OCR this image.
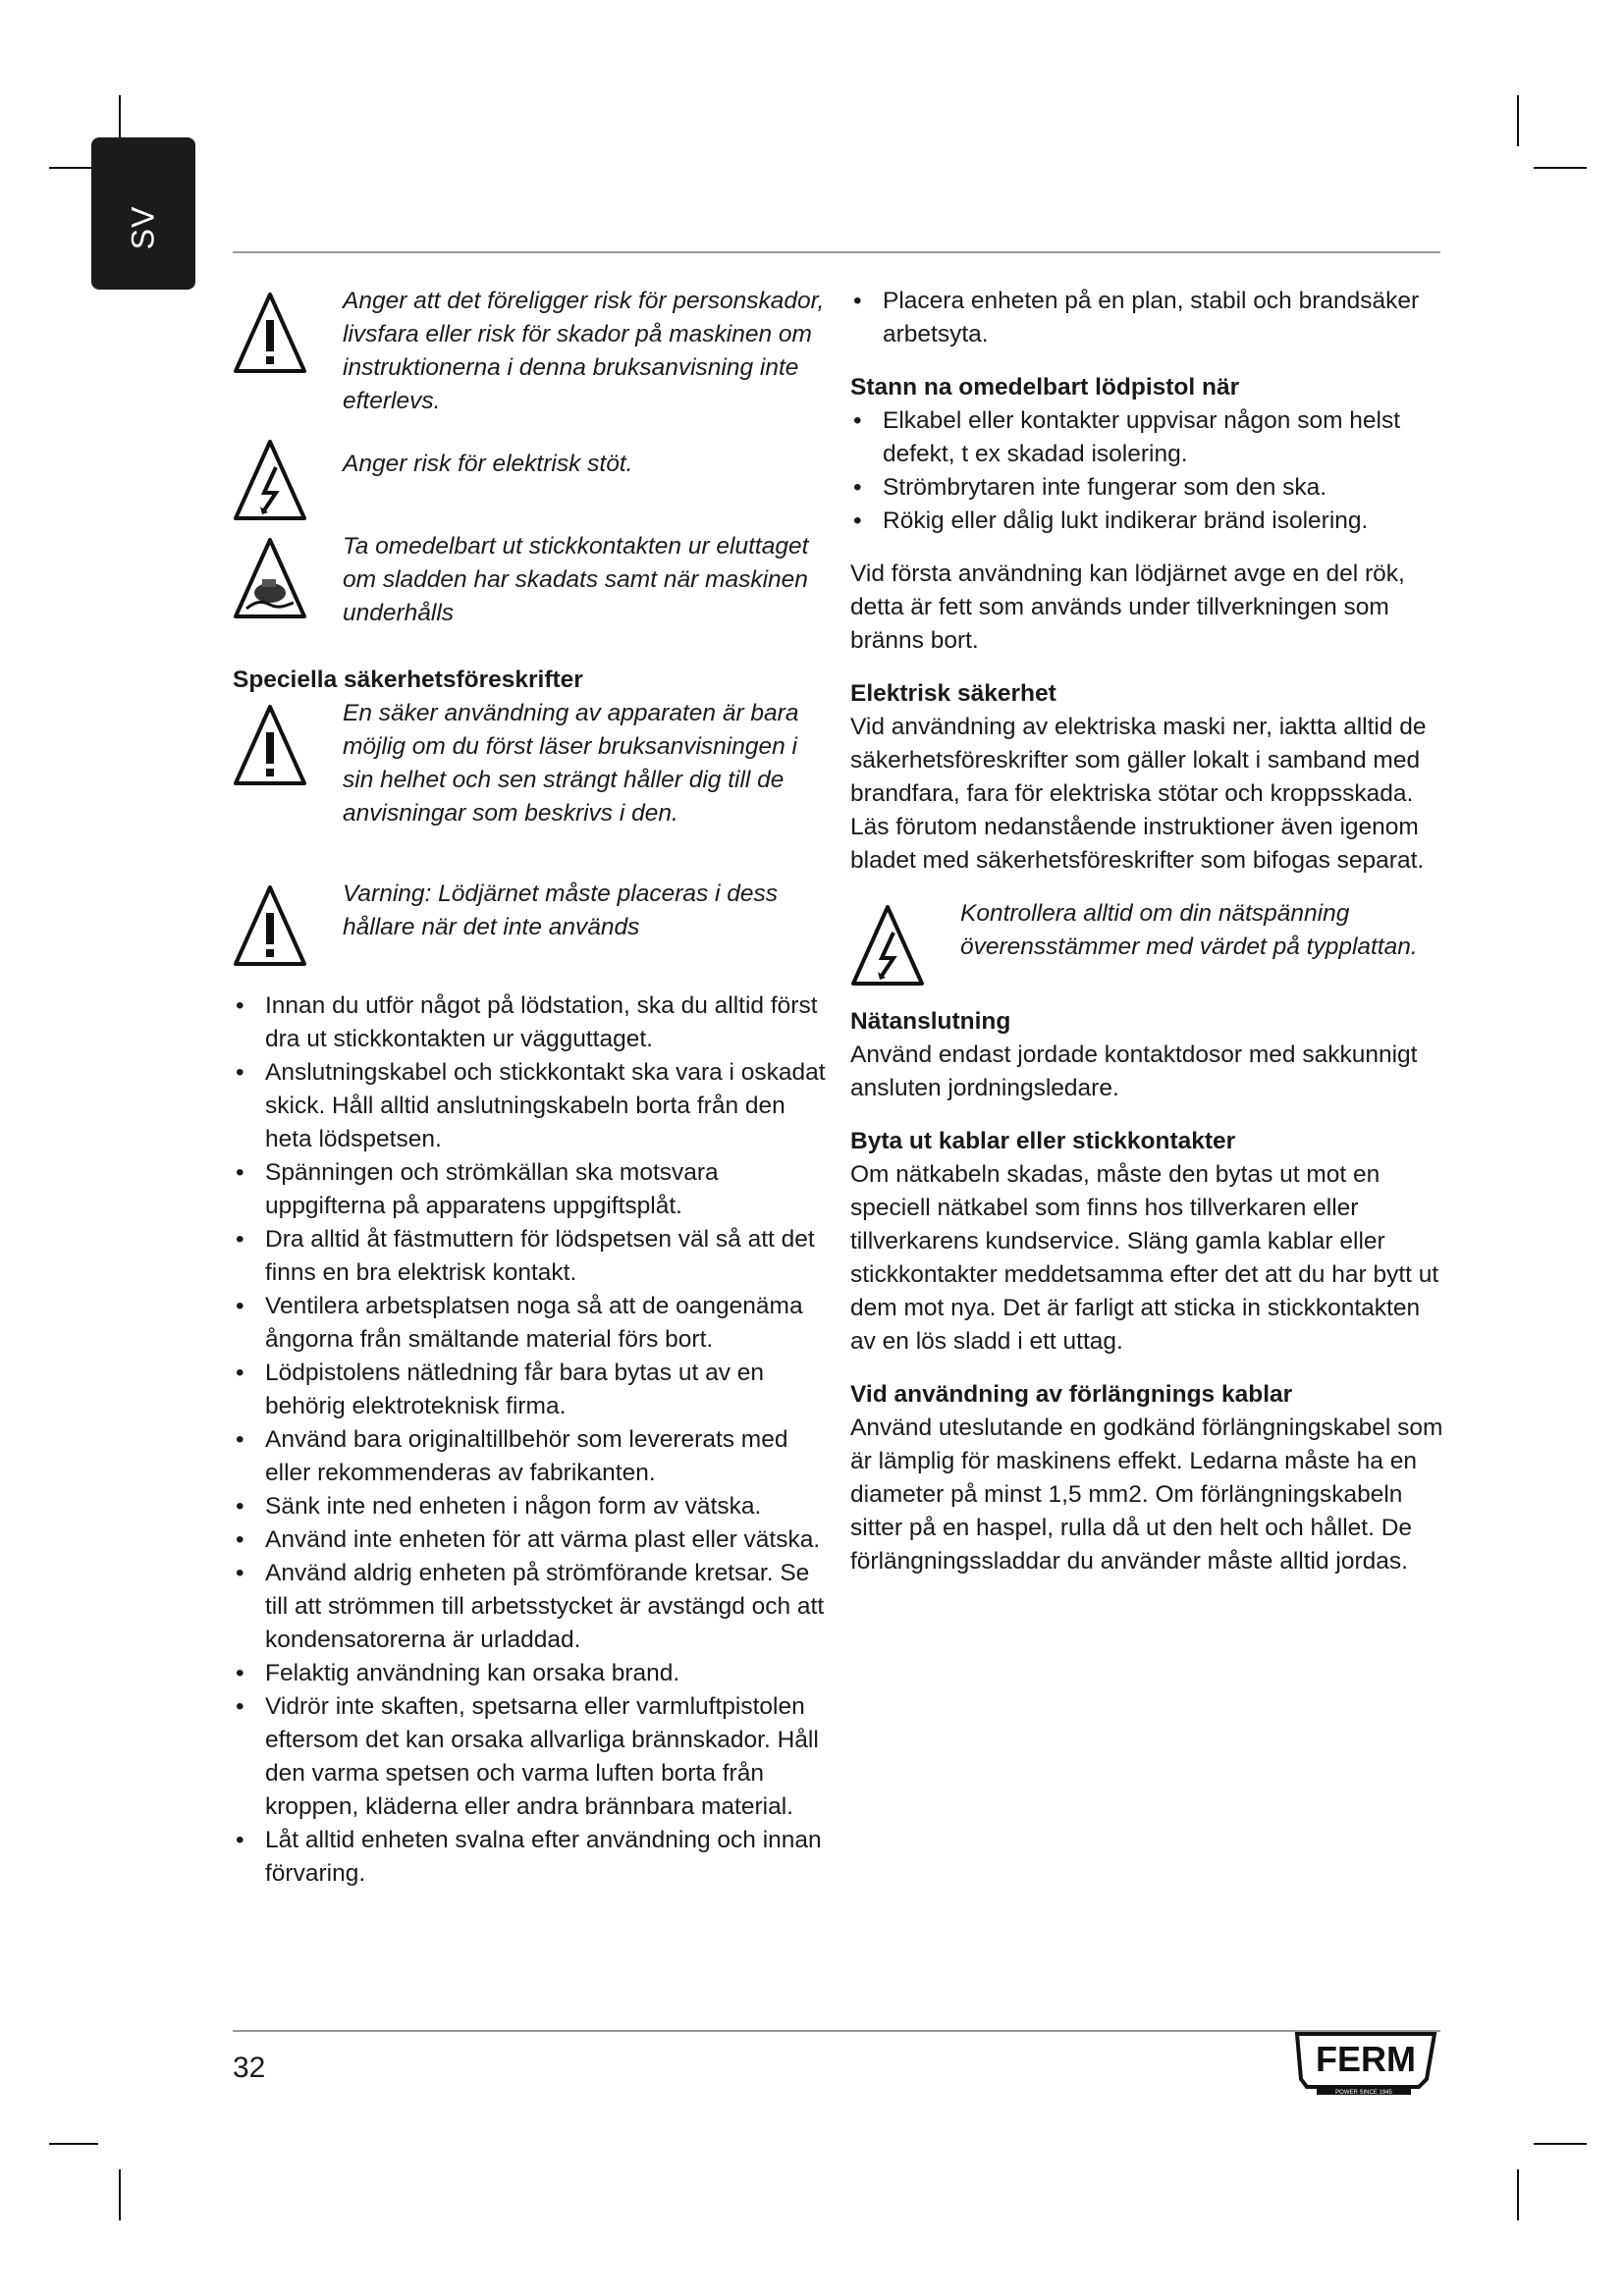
SV
Anger att det föreligger risk för personskador, livsfara eller risk för skador på maskinen om instruktionerna i denna bruksanvisning inte efterlevs.
Anger risk för elektrisk stöt.
Ta omedelbart ut stickkontakten ur eluttaget om sladden har skadats samt när maskinen underhålls

Speciella säkerhetsföreskrifter

En säker användning av apparaten är bara möjlig om du först läser bruksanvisningen i sin helhet och sen strängt håller dig till de anvisningar som beskrivs i den.
Varning: Lödjärnet måste placeras i dess hållare när det inte används
• Innan du utför något på lödstation, ska du alltid först dra ut stickkontakten ur vägguttaget.
• Anslutningskabel och stickkontakt ska vara i oskadat skick. Håll alltid anslutningskabeln borta från den heta lödspetsen.
• Spänningen och strömkällan ska motsvara uppgifterna på apparatens uppgiftsplåt.
• Dra alltid åt fästmuttern för lödspetsen väl så att det finns en bra elektrisk kontakt.
• Ventilera arbetsplatsen noga så att de oangenäma ångorna från smältande material förs bort.
• Lödpistolens nätledning får bara bytas ut av en behörig elektroteknisk firma.
• Använd bara originaltillbehör som levererats med eller rekommenderas av fabrikanten.
• Sänk inte ned enheten i någon form av vätska.
• Använd inte enheten för att värma plast eller vätska.
• Använd aldrig enheten på strömförande kretsar. Se till att strömmen till arbetsstycket är avstängd och att kondensatorerna är urladdad.
• Felaktig användning kan orsaka brand.
• Vidrör inte skaften, spetsarna eller varmluftpistolen eftersom det kan orsaka allvarliga brännskador. Håll den varma spetsen och varma luften borta från kroppen, kläderna eller andra brännbara material.
• Låt alltid enheten svalna efter användning och innan förvaring.
• Placera enheten på en plan, stabil och brandsäker arbetsyta.

Stann na omedelbart lödpistol när

• Elkabel eller kontakter uppvisar någon som helst defekt, t ex skadad isolering.
• Strömbrytaren inte fungerar som den ska.
• Rökig eller dålig lukt indikerar bränd isolering.

Vid första användning kan lödjärnet avge en del rök, detta är fett som används under tillverkningen som bränns bort.

Elektrisk säkerhet

Vid användning av elektriska maski ner, iaktta alltid de säkerhetsföreskrifter som gäller lokalt i samband med brandfara, fara för elektriska stötar och kroppsskada. Läs förutom nedanstående instruktioner även igenom bladet med säkerhetsföreskrifter som bifogas separat.

Kontrollera alltid om din nätspänning överensstämmer med värdet på typplattan.

Nätanslutning

Använd endast jordade kontaktdosor med sakkunnigt ansluten jordningsledare.

Byta ut kablar eller stickkontakter

Om nätkabeln skadas, måste den bytas ut mot en speciell nätkabel som finns hos tillverkaren eller tillverkarens kundservice. Släng gamla kablar eller stickkontakter meddetsamma efter det att du har bytt ut dem mot nya. Det är farligt att sticka in stickkontakten av en lös sladd i ett uttag.

Vid användning av förlängnings kablar

Använd uteslutande en godkänd förlängningskabel som är lämplig för maskinens effekt. Ledarna måste ha en diameter på minst 1,5 mm2. Om förlängningskabeln sitter på en haspel, rulla då ut den helt och hållet. De förlängningssladdar du använder måste alltid jordas.

32	FERM
POWER SINCE 1945
